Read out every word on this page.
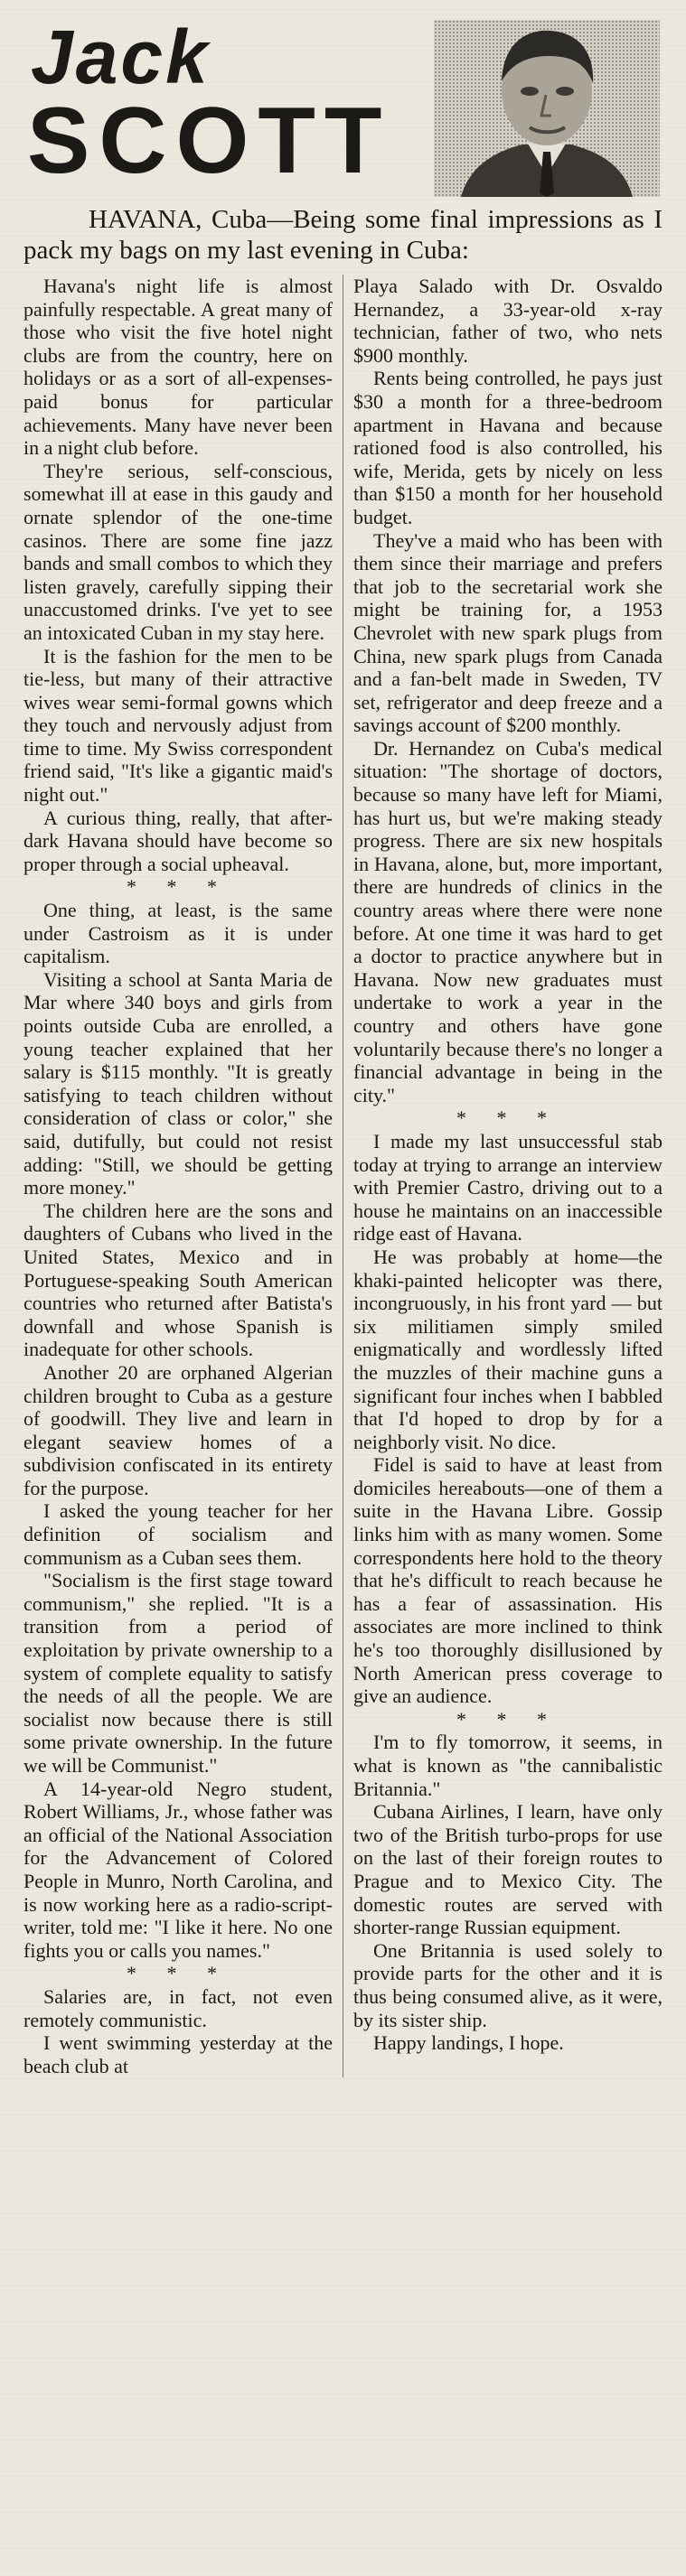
Jack
SCOTT

HAVANA, Cuba—Being some final impressions as I pack my bags on my last evening in Cuba:

Havana's night life is almost painfully respectable. A great many of those who visit the five hotel night clubs are from the country, here on holidays or as a sort of all-expenses-paid bonus for particular achievements. Many have never been in a night club before.

They're serious, self-conscious, somewhat ill at ease in this gaudy and ornate splendor of the one-time casinos. There are some fine jazz bands and small combos to which they listen gravely, carefully sipping their unaccustomed drinks. I've yet to see an intoxicated Cuban in my stay here.

It is the fashion for the men to be tie-less, but many of their attractive wives wear semi-formal gowns which they touch and nervously adjust from time to time. My Swiss correspondent friend said, "It's like a gigantic maid's night out."

A curious thing, really, that after-dark Havana should have become so proper through a social upheaval.

* * *

One thing, at least, is the same under Castroism as it is under capitalism.

Visiting a school at Santa Maria de Mar where 340 boys and girls from points outside Cuba are enrolled, a young teacher explained that her salary is $115 monthly. "It is greatly satisfying to teach children without consideration of class or color," she said, dutifully, but could not resist adding: "Still, we should be getting more money."

The children here are the sons and daughters of Cubans who lived in the United States, Mexico and in Portuguese-speaking South American countries who returned after Batista's downfall and whose Spanish is inadequate for other schools.

Another 20 are orphaned Algerian children brought to Cuba as a gesture of goodwill. They live and learn in elegant seaview homes of a subdivision confiscated in its entirety for the purpose.

I asked the young teacher for her definition of socialism and communism as a Cuban sees them.

"Socialism is the first stage toward communism," she replied. "It is a transition from a period of exploitation by private ownership to a system of complete equality to satisfy the needs of all the people. We are socialist now because there is still some private ownership. In the future we will be Communist."

A 14-year-old Negro student, Robert Williams, Jr., whose father was an official of the National Association for the Advancement of Colored People in Munro, North Carolina, and is now working here as a radio-script-writer, told me: "I like it here. No one fights you or calls you names."

* * *

Salaries are, in fact, not even remotely communistic.

I went swimming yesterday at the beach club at

Playa Salado with Dr. Osvaldo Hernandez, a 33-year-old x-ray technician, father of two, who nets $900 monthly.

Rents being controlled, he pays just $30 a month for a three-bedroom apartment in Havana and because rationed food is also controlled, his wife, Merida, gets by nicely on less than $150 a month for her household budget.

They've a maid who has been with them since their marriage and prefers that job to the secretarial work she might be training for, a 1953 Chevrolet with new spark plugs from China, new spark plugs from Canada and a fan-belt made in Sweden, TV set, refrigerator and deep freeze and a savings account of $200 monthly.

Dr. Hernandez on Cuba's medical situation: "The shortage of doctors, because so many have left for Miami, has hurt us, but we're making steady progress. There are six new hospitals in Havana, alone, but, more important, there are hundreds of clinics in the country areas where there were none before. At one time it was hard to get a doctor to practice anywhere but in Havana. Now new graduates must undertake to work a year in the country and others have gone voluntarily because there's no longer a financial advantage in being in the city."

* * *

I made my last unsuccessful stab today at trying to arrange an interview with Premier Castro, driving out to a house he maintains on an inaccessible ridge east of Havana.

He was probably at home—the khaki-painted helicopter was there, incongruously, in his front yard — but six militiamen simply smiled enigmatically and wordlessly lifted the muzzles of their machine guns a significant four inches when I babbled that I'd hoped to drop by for a neighborly visit. No dice.

Fidel is said to have at least from domiciles hereabouts—one of them a suite in the Havana Libre. Gossip links him with as many women. Some correspondents here hold to the theory that he's difficult to reach because he has a fear of assassination. His associates are more inclined to think he's too thoroughly disillusioned by North American press coverage to give an audience.

* * *

I'm to fly tomorrow, it seems, in what is known as "the cannibalistic Britannia."

Cubana Airlines, I learn, have only two of the British turbo-props for use on the last of their foreign routes to Prague and to Mexico City. The domestic routes are served with shorter-range Russian equipment.

One Britannia is used solely to provide parts for the other and it is thus being consumed alive, as it were, by its sister ship.

Happy landings, I hope.
